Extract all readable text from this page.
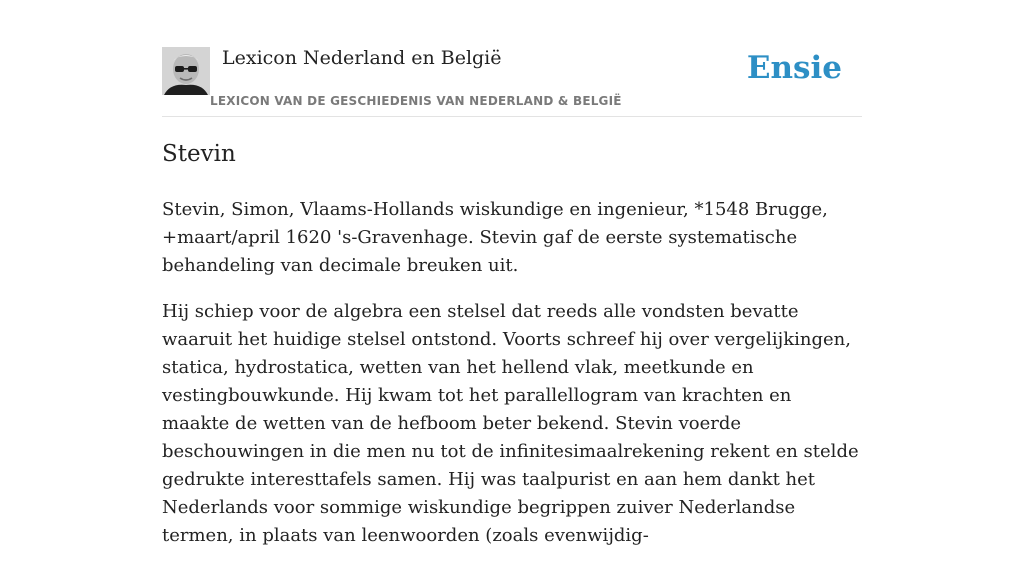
Lexicon Nederland en België
LEXICON VAN DE GESCHIEDENIS VAN NEDERLAND & BELGIË
Ensie
Stevin

Stevin, Simon, Vlaams-Hollands wiskundige en ingenieur, *1548 Brugge, +maart/april 1620 's-Gravenhage. Stevin gaf de eerste systematische behandeling van decimale breuken uit.

Hij schiep voor de algebra een stelsel dat reeds alle vondsten bevatte waaruit het huidige stelsel ontstond. Voorts schreef hij over vergelijkingen, statica, hydrostatica, wetten van het hellend vlak, meetkunde en vestingbouwkunde. Hij kwam tot het parallellogram van krachten en maakte de wetten van de hefboom beter bekend. Stevin voerde beschouwingen in die men nu tot de infinitesimaalrekening rekent en stelde gedrukte interesttafels samen. Hij was taalpurist en aan hem dankt het Nederlands voor sommige wiskundige begrippen zuiver Nederlandse termen, in plaats van leenwoorden (zoals evenwijdig-
